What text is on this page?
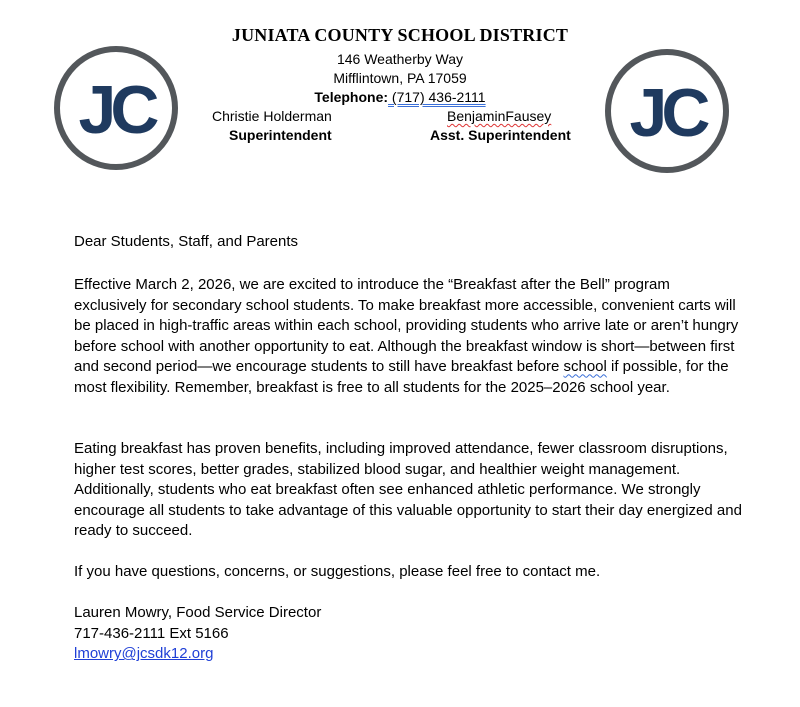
JC	JC
JUNIATA COUNTY SCHOOL DISTRICT
146 Weatherby Way
Mifflintown, PA 17059
Telephone: (717) 436-2111
Christie Holderman
Superintendent
BenjaminFausey
Asst. Superintendent
Dear Students, Staff, and Parents
Effective March 2, 2026, we are excited to introduce the “Breakfast after the Bell” program exclusively for secondary school students. To make breakfast more accessible, convenient carts will be placed in high-traffic areas within each school, providing students who arrive late or aren’t hungry before school with another opportunity to eat. Although the breakfast window is short—between first and second period—we encourage students to still have breakfast before school if possible, for the most flexibility. Remember, breakfast is free to all students for the 2025–2026 school year.
Eating breakfast has proven benefits, including improved attendance, fewer classroom disruptions, higher test scores, better grades, stabilized blood sugar, and healthier weight management. Additionally, students who eat breakfast often see enhanced athletic performance. We strongly encourage all students to take advantage of this valuable opportunity to start their day energized and ready to succeed.
If you have questions, concerns, or suggestions, please feel free to contact me.
Lauren Mowry, Food Service Director
717-436-2111 Ext 5166
lmowry@jcsdk12.org
